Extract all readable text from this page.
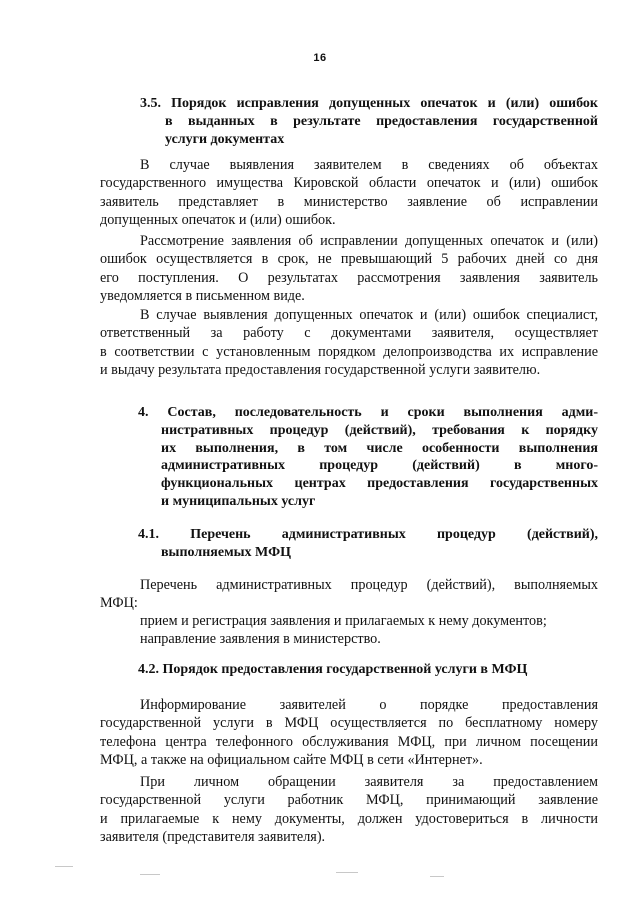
16
3.5. Порядок исправления допущенных опечаток и (или) ошибок
в выданных в результате предоставления государственной
услуги документах
В случае выявления заявителем в сведениях об объектах
государственного имущества Кировской области опечаток и (или) ошибок
заявитель представляет в министерство заявление об исправлении
допущенных опечаток и (или) ошибок.
Рассмотрение заявления об исправлении допущенных опечаток и (или)
ошибок осуществляется в срок, не превышающий 5 рабочих дней со дня
его поступления. О результатах рассмотрения заявления заявитель
уведомляется в письменном виде.
В случае выявления допущенных опечаток и (или) ошибок специалист,
ответственный за работу с документами заявителя, осуществляет
в соответствии с установленным порядком делопроизводства их исправление
и выдачу результата предоставления государственной услуги заявителю.
4. Состав, последовательность и сроки выполнения адми-
нистративных процедур (действий), требования к порядку
их выполнения, в том числе особенности выполнения
административных процедур (действий) в много-
функциональных центрах предоставления государственных
и муниципальных услуг
4.1. Перечень административных процедур (действий),
выполняемых МФЦ
Перечень административных процедур (действий), выполняемых
МФЦ:
прием и регистрация заявления и прилагаемых к нему документов;
направление заявления в министерство.
4.2. Порядок предоставления государственной услуги в МФЦ
Информирование заявителей о порядке предоставления
государственной услуги в МФЦ осуществляется по бесплатному номеру
телефона центра телефонного обслуживания МФЦ, при личном посещении
МФЦ, а также на официальном сайте МФЦ в сети «Интернет».
При личном обращении заявителя за предоставлением
государственной услуги работник МФЦ, принимающий заявление
и прилагаемые к нему документы, должен удостовериться в личности
заявителя (представителя заявителя).
